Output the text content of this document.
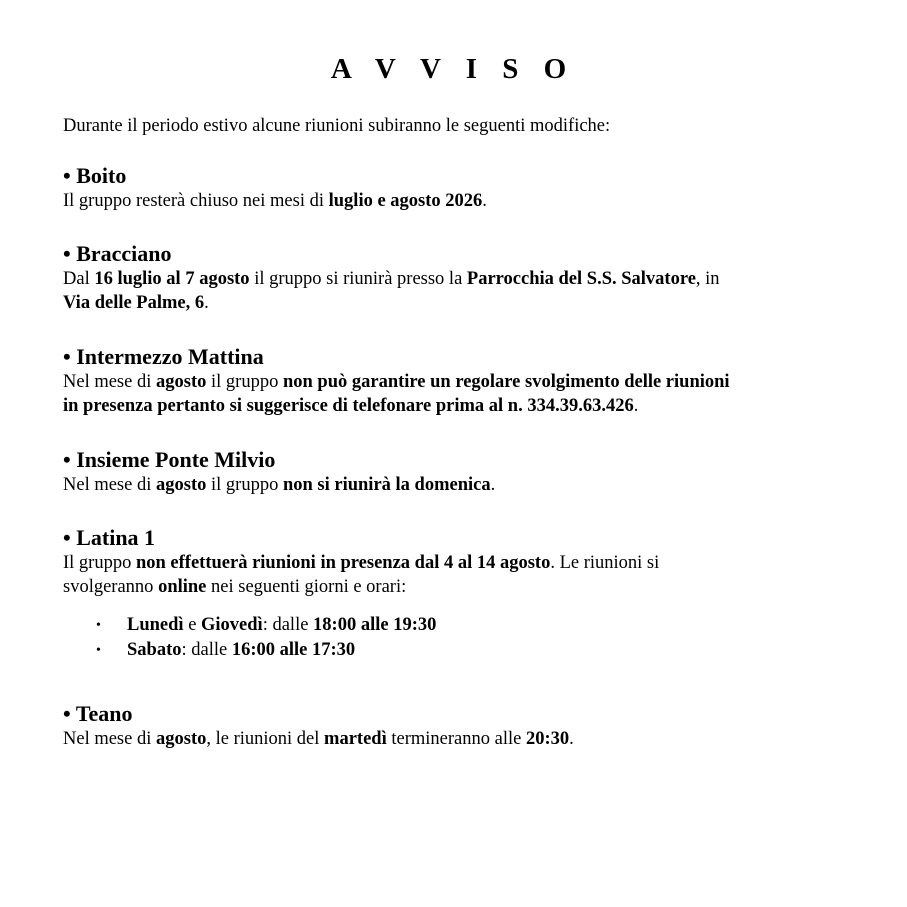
A V V I S O
Durante il periodo estivo alcune riunioni subiranno le seguenti modifiche:
• Boito
Il gruppo resterà chiuso nei mesi di luglio e agosto 2026.
• Bracciano
Dal 16 luglio al 7 agosto il gruppo si riunirà presso la Parrocchia del S.S. Salvatore, in
Via delle Palme, 6.
• Intermezzo Mattina
Nel mese di agosto il gruppo non può garantire un regolare svolgimento delle riunioni
in presenza pertanto si suggerisce di telefonare prima al n. 334.39.63.426.
• Insieme Ponte Milvio
Nel mese di agosto il gruppo non si riunirà la domenica.
• Latina 1
Il gruppo non effettuerà riunioni in presenza dal 4 al 14 agosto. Le riunioni si
svolgeranno online nei seguenti giorni e orari:
• Lunedì e Giovedì: dalle 18:00 alle 19:30
• Sabato: dalle 16:00 alle 17:30
• Teano
Nel mese di agosto, le riunioni del martedì termineranno alle 20:30.
